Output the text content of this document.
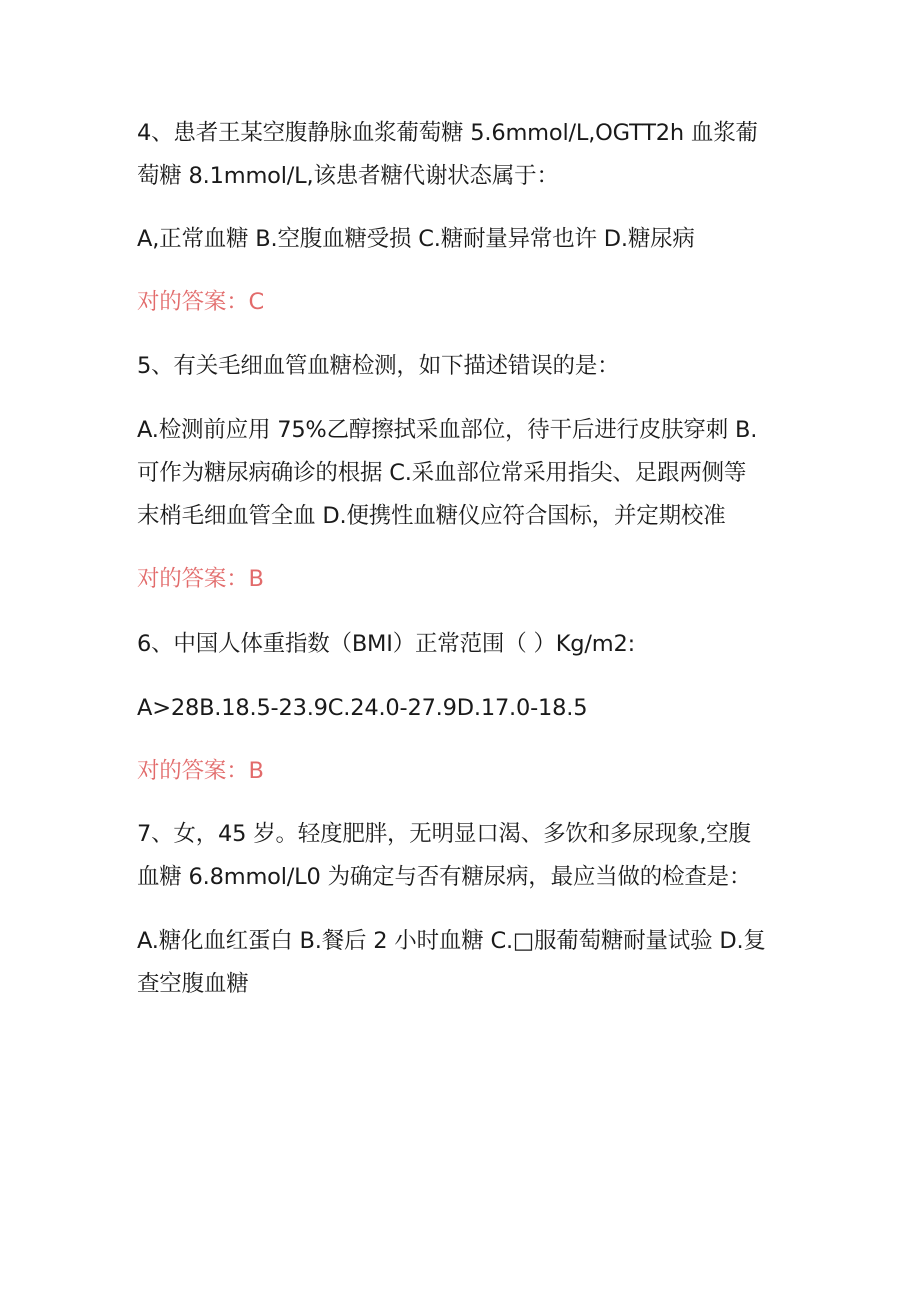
4、患者王某空腹静脉血浆葡萄糖 5.6mmol/L,OGTT2h 血浆葡
萄糖 8.1mmol/L,该患者糖代谢状态属于：
A,正常血糖 B.空腹血糖受损 C.糖耐量异常也许 D.糖尿病
对的答案：C
5、有关毛细血管血糖检测，如下描述错误的是：
A.检测前应用 75%乙醇擦拭采血部位，待干后进行皮肤穿刺 B.
可作为糖尿病确诊的根据 C.采血部位常采用指尖、足跟两侧等
末梢毛细血管全血 D.便携性血糖仪应符合国标，并定期校准
对的答案：B
6、中国人体重指数（BMI）正常范围（ ）Kg∕m2:
A>28B.18.5-23.9C.24.0-27.9D.17.0-18.5
对的答案：B
7、女，45 岁。轻度肥胖，无明显口渴、多饮和多尿现象,空腹
血糖 6.8mmol∕L0 为确定与否有糖尿病，最应当做的检查是：
A.糖化血红蛋白 B.餐后 2 小时血糖 C.□服葡萄糖耐量试验 D.复
查空腹血糖
